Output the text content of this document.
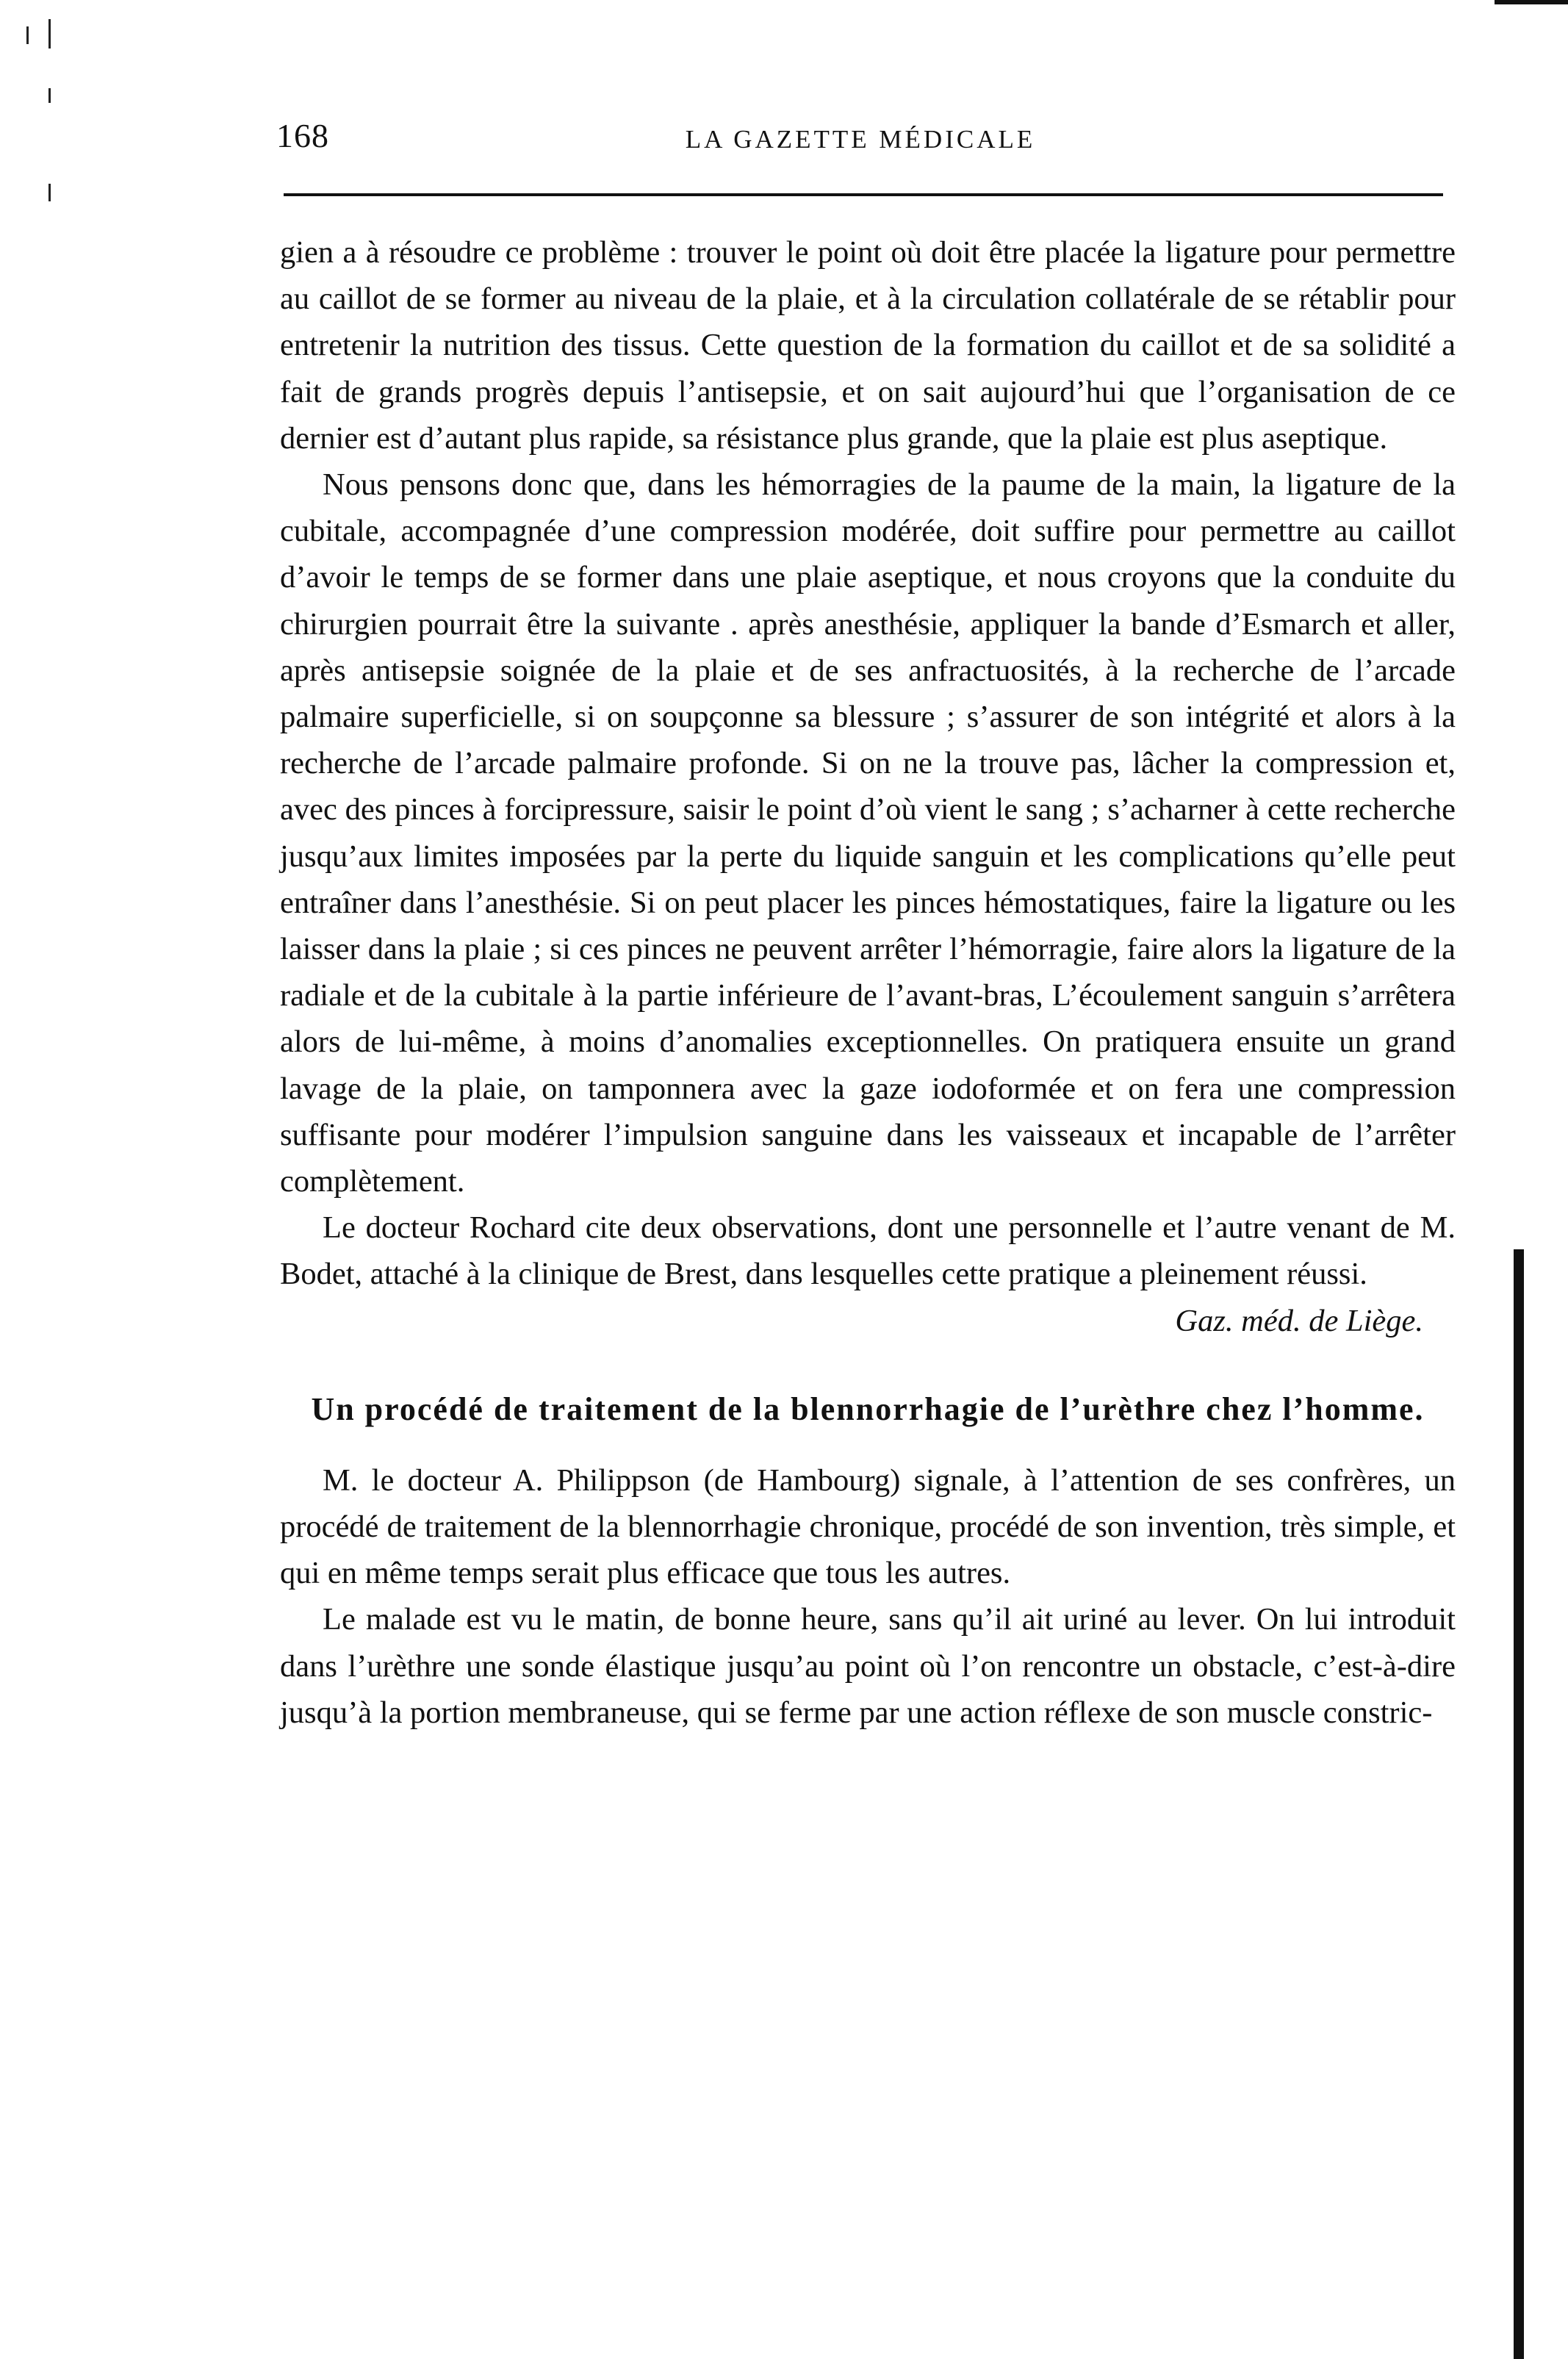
168	LA GAZETTE MÉDICALE

gien a à résoudre ce problème : trouver le point où doit être placée la ligature pour permettre au caillot de se former au niveau de la plaie, et à la circulation collatérale de se rétablir pour entretenir la nutrition des tissus. Cette question de la formation du caillot et de sa solidité a fait de grands progrès depuis l’antisepsie, et on sait aujourd’hui que l’organisation de ce dernier est d’autant plus rapide, sa résistance plus grande, que la plaie est plus aseptique.

Nous pensons donc que, dans les hémorragies de la paume de la main, la ligature de la cubitale, accompagnée d’une compression modérée, doit suffire pour permettre au caillot d’avoir le temps de se former dans une plaie aseptique, et nous croyons que la conduite du chirurgien pourrait être la suivante . après anesthésie, appliquer la bande d’Esmarch et aller, après antisepsie soignée de la plaie et de ses anfractuosités, à la recherche de l’arcade palmaire superficielle, si on soupçonne sa blessure ; s’assurer de son intégrité et alors à la recherche de l’arcade palmaire profonde. Si on ne la trouve pas, lâcher la compression et, avec des pinces à forcipressure, saisir le point d’où vient le sang ; s’acharner à cette recherche jusqu’aux limites imposées par la perte du liquide sanguin et les complications qu’elle peut entraîner dans l’anesthésie. Si on peut placer les pinces hémostatiques, faire la ligature ou les laisser dans la plaie ; si ces pinces ne peuvent arrêter l’hémorragie, faire alors la ligature de la radiale et de la cubitale à la partie inférieure de l’avant-bras, L’écoulement sanguin s’arrêtera alors de lui-même, à moins d’anomalies exceptionnelles. On pratiquera ensuite un grand lavage de la plaie, on tamponnera avec la gaze iodoformée et on fera une compression suffisante pour modérer l’impulsion sanguine dans les vaisseaux et incapable de l’arrêter complètement.

Le docteur Rochard cite deux observations, dont une personnelle et l’autre venant de M. Bodet, attaché à la clinique de Brest, dans lesquelles cette pratique a pleinement réussi.

Gaz. méd. de Liège.

Un procédé de traitement de la blennorrhagie de l’urèthre chez l’homme.

M. le docteur A. Philippson (de Hambourg) signale, à l’attention de ses confrères, un procédé de traitement de la blennorrhagie chronique, procédé de son invention, très simple, et qui en même temps serait plus efficace que tous les autres.

Le malade est vu le matin, de bonne heure, sans qu’il ait uriné au lever. On lui introduit dans l’urèthre une sonde élastique jusqu’au point où l’on rencontre un obstacle, c’est-à-dire jusqu’à la portion membraneuse, qui se ferme par une action réflexe de son muscle constric-
